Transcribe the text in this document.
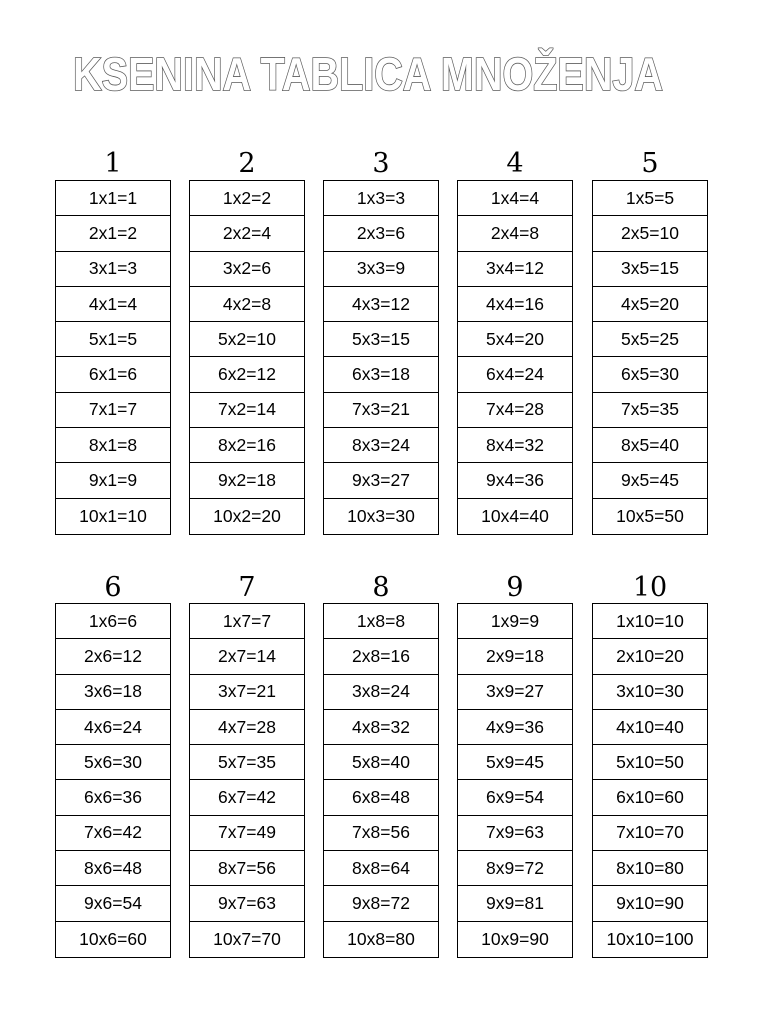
KSENINA TABLICA MNOŽENJA
1
1x1=1
2x1=2
3x1=3
4x1=4
5x1=5
6x1=6
7x1=7
8x1=8
9x1=9
10x1=10
2
1x2=2
2x2=4
3x2=6
4x2=8
5x2=10
6x2=12
7x2=14
8x2=16
9x2=18
10x2=20
3
1x3=3
2x3=6
3x3=9
4x3=12
5x3=15
6x3=18
7x3=21
8x3=24
9x3=27
10x3=30
4
1x4=4
2x4=8
3x4=12
4x4=16
5x4=20
6x4=24
7x4=28
8x4=32
9x4=36
10x4=40
5
1x5=5
2x5=10
3x5=15
4x5=20
5x5=25
6x5=30
7x5=35
8x5=40
9x5=45
10x5=50
6
1x6=6
2x6=12
3x6=18
4x6=24
5x6=30
6x6=36
7x6=42
8x6=48
9x6=54
10x6=60
7
1x7=7
2x7=14
3x7=21
4x7=28
5x7=35
6x7=42
7x7=49
8x7=56
9x7=63
10x7=70
8
1x8=8
2x8=16
3x8=24
4x8=32
5x8=40
6x8=48
7x8=56
8x8=64
9x8=72
10x8=80
9
1x9=9
2x9=18
3x9=27
4x9=36
5x9=45
6x9=54
7x9=63
8x9=72
9x9=81
10x9=90
10
1x10=10
2x10=20
3x10=30
4x10=40
5x10=50
6x10=60
7x10=70
8x10=80
9x10=90
10x10=100
